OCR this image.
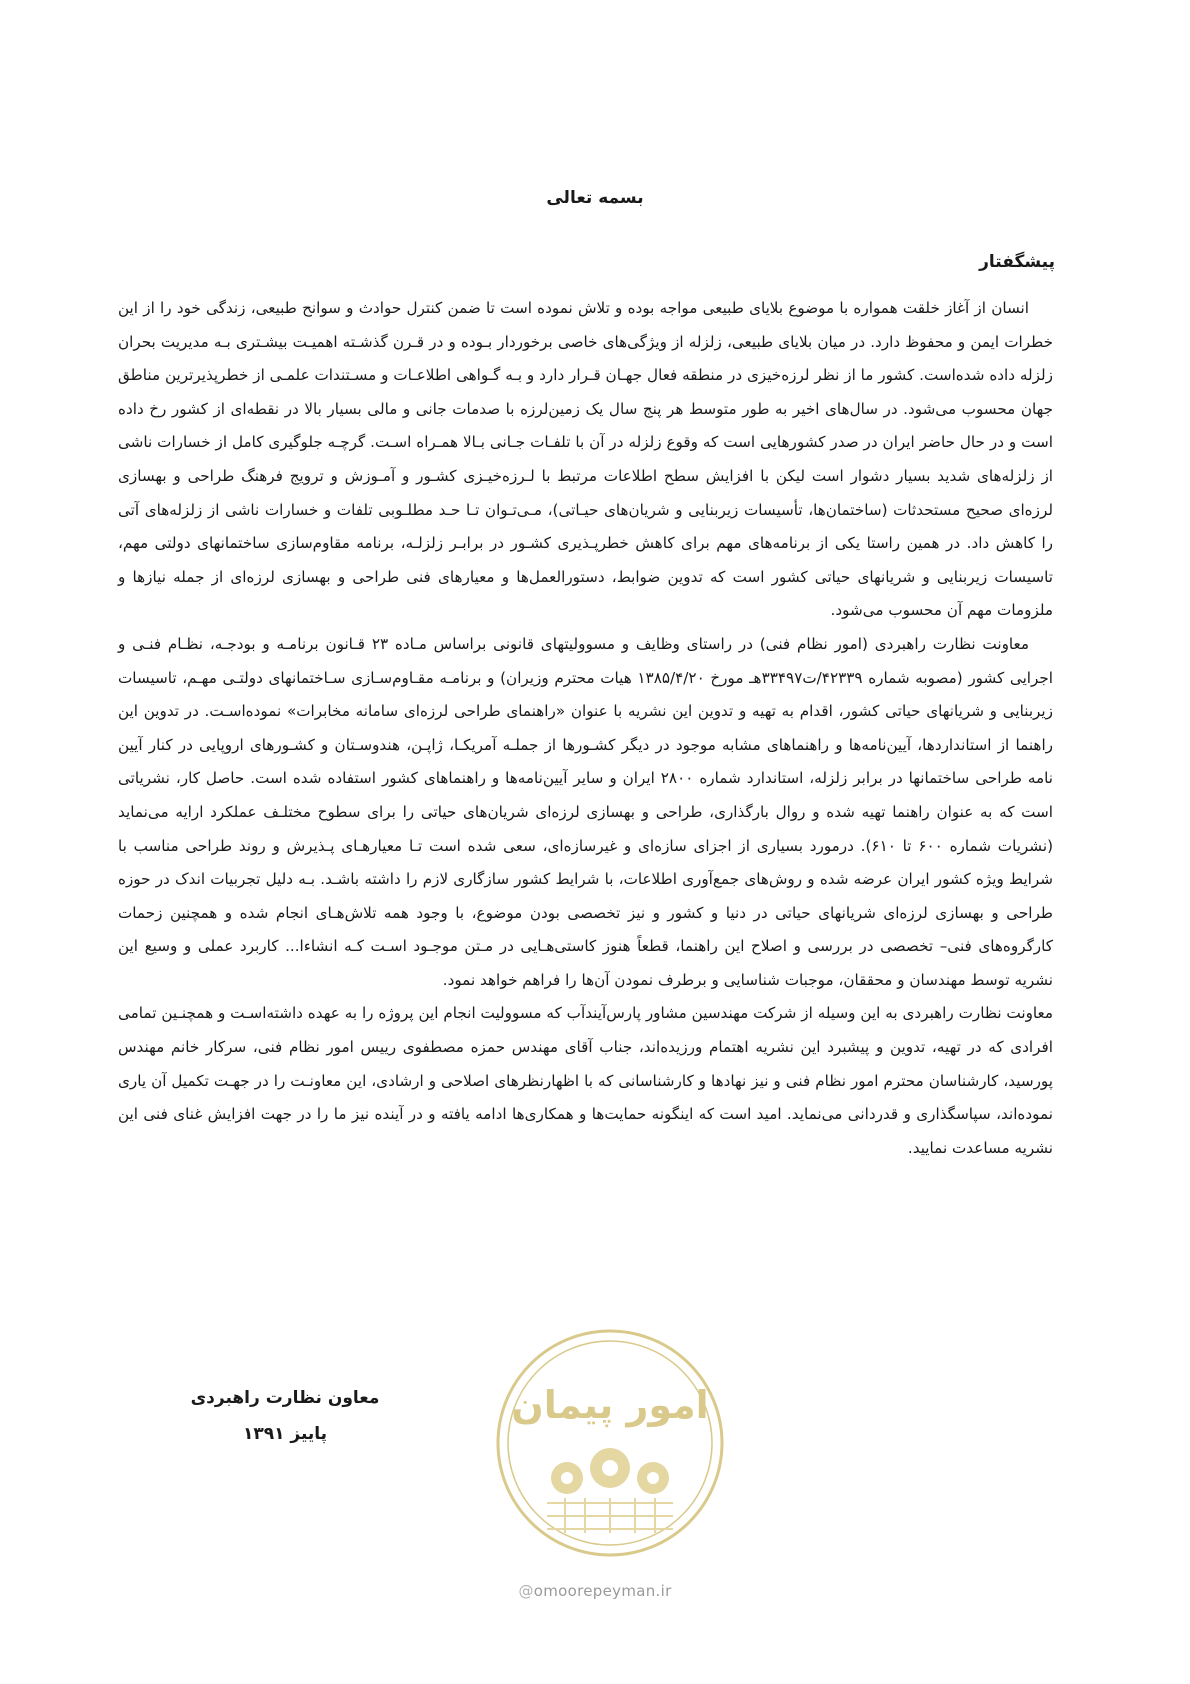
بسمه تعالی
پیشگفتار

انسان از آغاز خلقت همواره با موضوع بلایای طبیعی مواجه بوده و تلاش نموده است تا ضمن کنترل حوادث و سوانح طبیعی، زندگی خود را از این خطرات ایمن و محفوظ دارد. در میان بلایای طبیعی، زلزله از ویژگی‌های خاصی برخوردار بـوده و در قـرن گذشـته اهمیـت بیشـتری بـه مدیریت بحران زلزله داده شده‌است. کشور ما از نظر لرزه‌خیزی در منطقه فعال جهـان قـرار دارد و بـه گـواهی اطلاعـات و مسـتندات علمـی از خطرپذیرترین مناطق جهان محسوب می‌شود. در سال‌های اخیر به طور متوسط هر پنج سال یک زمین‌لرزه با صدمات جانی و مالی بسیار بالا در نقطه‌ای از کشور رخ داده است و در حال حاضر ایران در صدر کشورهایی است که وقوع زلزله در آن با تلفـات جـانی بـالا همـراه اسـت. گرچـه جلوگیری کامل از خسارات ناشی از زلزله‌های شدید بسیار دشوار است لیکن با افزایش سطح اطلاعات مرتبط با لـرزه‌خیـزی کشـور و آمـوزش و ترویج فرهنگ طراحی و بهسازی لرزه‌ای صحیح مستحدثات (ساختمان‌ها، تأسیسات زیربنایی و شریان‌های حیـاتی)، مـی‌تـوان تـا حـد مطلـوبی تلفات و خسارات ناشی از زلزله‌های آتی را کاهش داد. در همین راستا یکی از برنامه‌های مهم برای کاهش خطرپـذیری کشـور در برابـر زلزلـه، برنامه مقاوم‌سازی ساختمانهای دولتی مهم، تاسیسات زیربنایی و شریانهای حیاتی کشور است که تدوین ضوابط، دستورالعمل‌ها و معیارهای فنی طراحی و بهسازی لرزه‌ای از جمله نیازها و ملزومات مهم آن محسوب می‌شود.

معاونت نظارت راهبردی (امور نظام فنی) در راستای وظایف و مسوولیتهای قانونی براساس مـاده ۲۳ قـانون برنامـه و بودجـه، نظـام فنـی و اجرایی کشور (مصوبه شماره ۴۲۳۳۹/ت۳۳۴۹۷هـ مورخ ۱۳۸۵/۴/۲۰ هیات محترم وزیران) و برنامـه مقـاوم‌سـازی سـاختمانهای دولتـی مهـم، تاسیسات زیربنایی و شریانهای حیاتی کشور، اقدام به تهیه و تدوین این نشریه با عنوان «راهنمای طراحی لرزه‌ای سامانه مخابرات» نموده‌اسـت. در تدوین این راهنما از استانداردها، آیین‌نامه‌ها و راهنماهای مشابه موجود در دیگر کشـورها از جملـه آمریکـا، ژاپـن، هندوسـتان و کشـورهای اروپایی در کنار آیین نامه طراحی ساختمانها در برابر زلزله، استاندارد شماره ۲۸۰۰ ایران و سایر آیین‌نامه‌ها و راهنماهای کشور استفاده شده است. حاصل کار، نشریاتی است که به عنوان راهنما تهیه شده و روال بارگذاری، طراحی و بهسازی لرزه‌ای شریان‌های حیاتی را برای سطوح مختلـف عملکرد ارایه می‌نماید (نشریات شماره ۶۰۰ تا ۶۱۰). درمورد بسیاری از اجزای سازه‌ای و غیرسازه‌ای، سعی شده است تـا معیارهـای پـذیرش و روند طراحی مناسب با شرایط ویژه کشور ایران عرضه شده و روش‌های جمع‌آوری اطلاعات، با شرایط کشور سازگاری لازم را داشته باشـد. بـه دلیل تجربیات اندک در حوزه طراحی و بهسازی لرزه‌ای شریانهای حیاتی در دنیا و کشور و نیز تخصصی بودن موضوع، با وجود همه تلاش‌هـای انجام شده و همچنین زحمات کارگروه‌های فنی– تخصصی در بررسی و اصلاح این راهنما، قطعاً هنوز کاستی‌هـایی در مـتن موجـود اسـت کـه انشاءا... کاربرد عملی و وسیع این نشریه توسط مهندسان و محققان، موجبات شناسایی و برطرف نمودن آن‌ها را فراهم خواهد نمود.

معاونت نظارت راهبردی به این وسیله از شرکت مهندسین مشاور پارس‌آیندآب که مسوولیت انجام این پروژه را به عهده داشته‌اسـت و همچنـین تمامی افرادی که در تهیه، تدوین و پیشبرد این نشریه اهتمام ورزیده‌اند، جناب آقای مهندس حمزه مصطفوی رییس امور نظام فنی، سرکار خانم مهندس پورسید، کارشناسان محترم امور نظام فنی و نیز نهادها و کارشناسانی که با اظهارنظرهای اصلاحی و ارشادی، این معاونـت را در جهـت تکمیل آن یاری نموده‌اند، سپاسگذاری و قدردانی می‌نماید. امید است که اینگونه حمایت‌ها و همکاری‌ها ادامه یافته و در آینده نیز ما را در جهت افزایش غنای فنی این نشریه مساعدت نمایید.

معاون نظارت راهبردی
پاییز ۱۳۹۱
امور پیمان
@omoorepeyman.ir
